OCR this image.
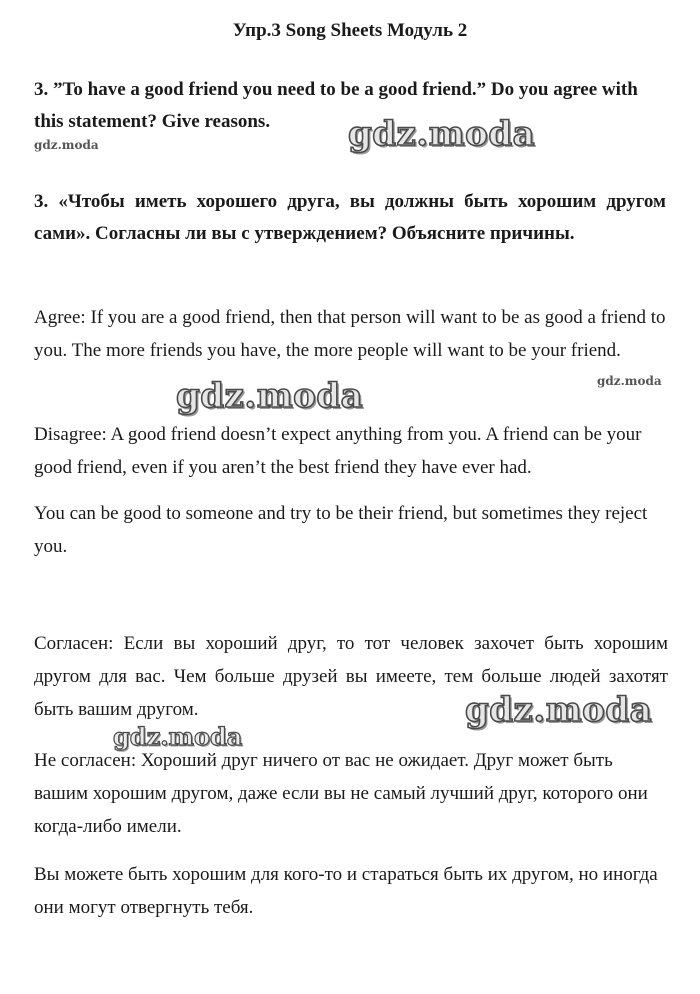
Упр.3 Song Sheets Модуль 2
3. ”To have a good friend you need to be a good friend.” Do you agree with this statement? Give reasons.
3. «Чтобы иметь хорошего друга, вы должны быть хорошим другом сами». Согласны ли вы с утверждением? Объясните причины.
Agree: If you are a good friend, then that person will want to be as good a friend to you. The more friends you have, the more people will want to be your friend.
Disagree: A good friend doesn’t expect anything from you. A friend can be your good friend, even if you aren’t the best friend they have ever had.
You can be good to someone and try to be their friend, but sometimes they reject you.
Согласен: Если вы хороший друг, то тот человек захочет быть хорошим другом для вас. Чем больше друзей вы имеете, тем больше людей захотят быть вашим другом.
Не согласен: Хороший друг ничего от вас не ожидает. Друг может быть вашим хорошим другом, даже если вы не самый лучший друг, которого они когда-либо имели.
Вы можете быть хорошим для кого-то и стараться быть их другом, но иногда они могут отвергнуть тебя.
gdz.moda
gdz.moda
gdz.moda	gdz.moda
gdz.moda
gdz.moda
